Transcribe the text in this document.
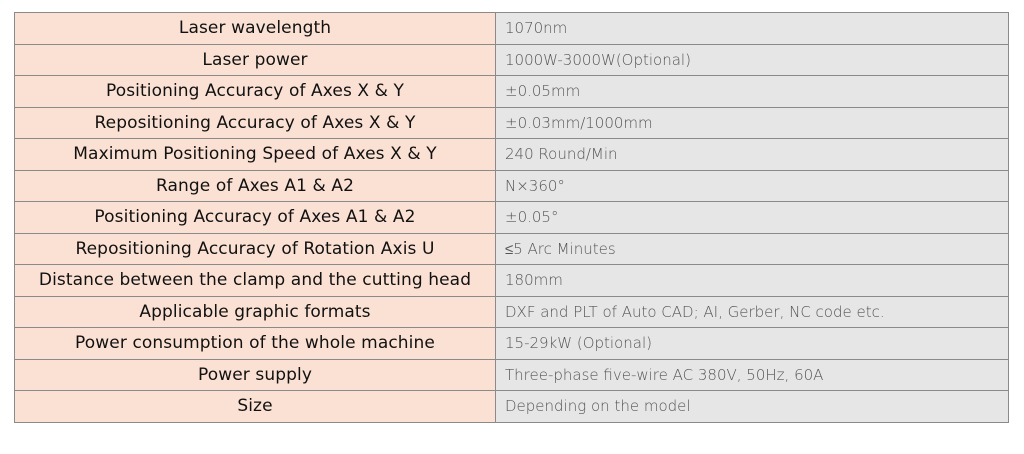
Laser wavelength	1070nm
Laser power	1000W-3000W(Optional)
Positioning Accuracy of Axes X & Y	±0.05mm
Repositioning Accuracy of Axes X & Y	±0.03mm/1000mm
Maximum Positioning Speed of Axes X & Y	240 Round/Min
Range of Axes A1 & A2	N×360°
Positioning Accuracy of Axes A1 & A2	±0.05°
Repositioning Accuracy of Rotation Axis U	≤5 Arc Minutes
Distance between the clamp and the cutting head	180mm
Applicable graphic formats	DXF and PLT of Auto CAD; AI, Gerber, NC code etc.
Power consumption of the whole machine	15-29kW (Optional)
Power supply	Three-phase five-wire AC 380V, 50Hz, 60A
Size	Depending on the model
